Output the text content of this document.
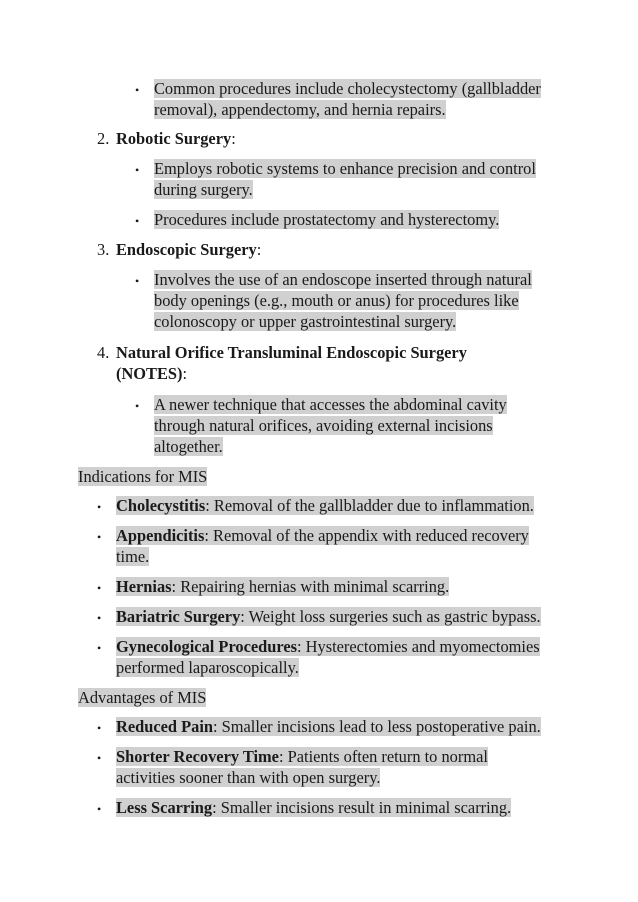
• Common procedures include cholecystectomy (gallbladder removal), appendectomy, and hernia repairs.
2. Robotic Surgery:
• Employs robotic systems to enhance precision and control during surgery.
• Procedures include prostatectomy and hysterectomy.
3. Endoscopic Surgery:
• Involves the use of an endoscope inserted through natural body openings (e.g., mouth or anus) for procedures like colonoscopy or upper gastrointestinal surgery.
4. Natural Orifice Transluminal Endoscopic Surgery (NOTES):
• A newer technique that accesses the abdominal cavity through natural orifices, avoiding external incisions altogether.
Indications for MIS
• Cholecystitis: Removal of the gallbladder due to inflammation.
• Appendicitis: Removal of the appendix with reduced recovery time.
• Hernias: Repairing hernias with minimal scarring.
• Bariatric Surgery: Weight loss surgeries such as gastric bypass.
• Gynecological Procedures: Hysterectomies and myomectomies performed laparoscopically.
Advantages of MIS
• Reduced Pain: Smaller incisions lead to less postoperative pain.
• Shorter Recovery Time: Patients often return to normal activities sooner than with open surgery.
• Less Scarring: Smaller incisions result in minimal scarring.
